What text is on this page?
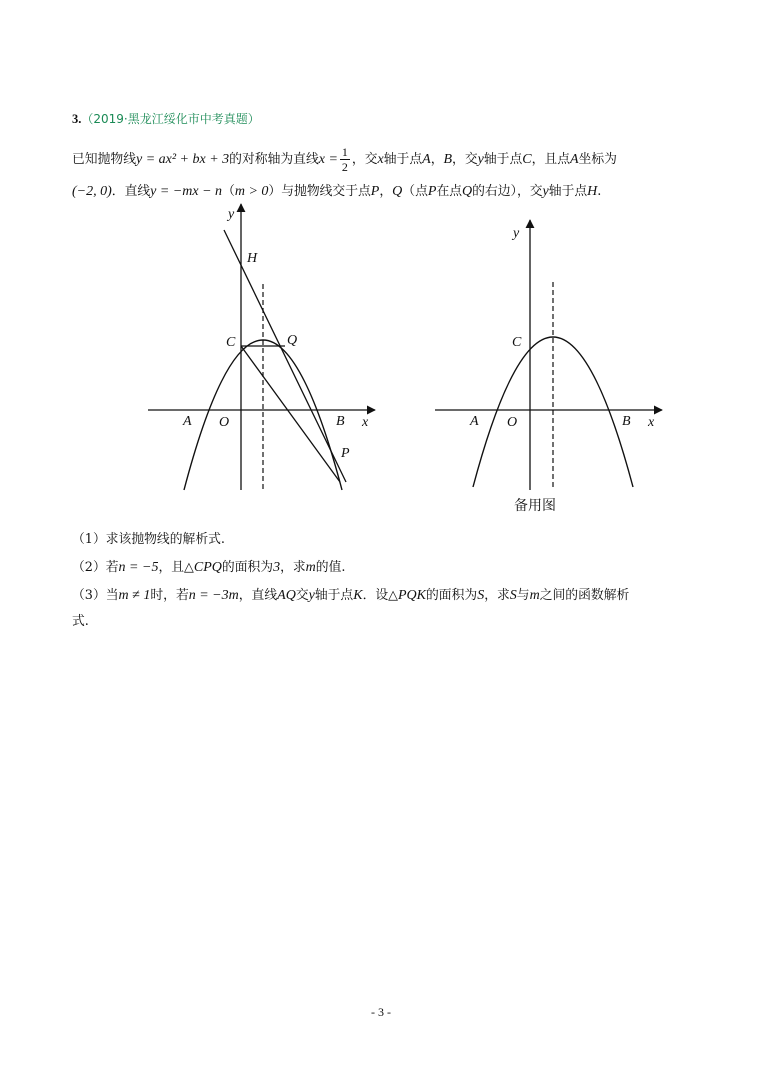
3.（2019·黑龙江绥化市中考真题）
已知抛物线y = ax² + bx + 3的对称轴为直线$x = \frac{1}{2}$ ，交x轴于点A，B，交y轴于点C，且点A坐标为
(−2, 0)．直线y = −mx − n（m > 0）与抛物线交于点P，Q（点P在点Q的右边），交y轴于点H.
y
x
H
C	Q
A O	B
P
y
x
C
A O	B
备用图
（1）求该抛物线的解析式.
（2）若n = −5，且△CPQ的面积为3，求m的值.
（3）当m ≠ 1时，若n = −3m，直线AQ交y轴于点K．设△PQK的面积为S，求S与m之间的函数解析
式.
- 3 -
